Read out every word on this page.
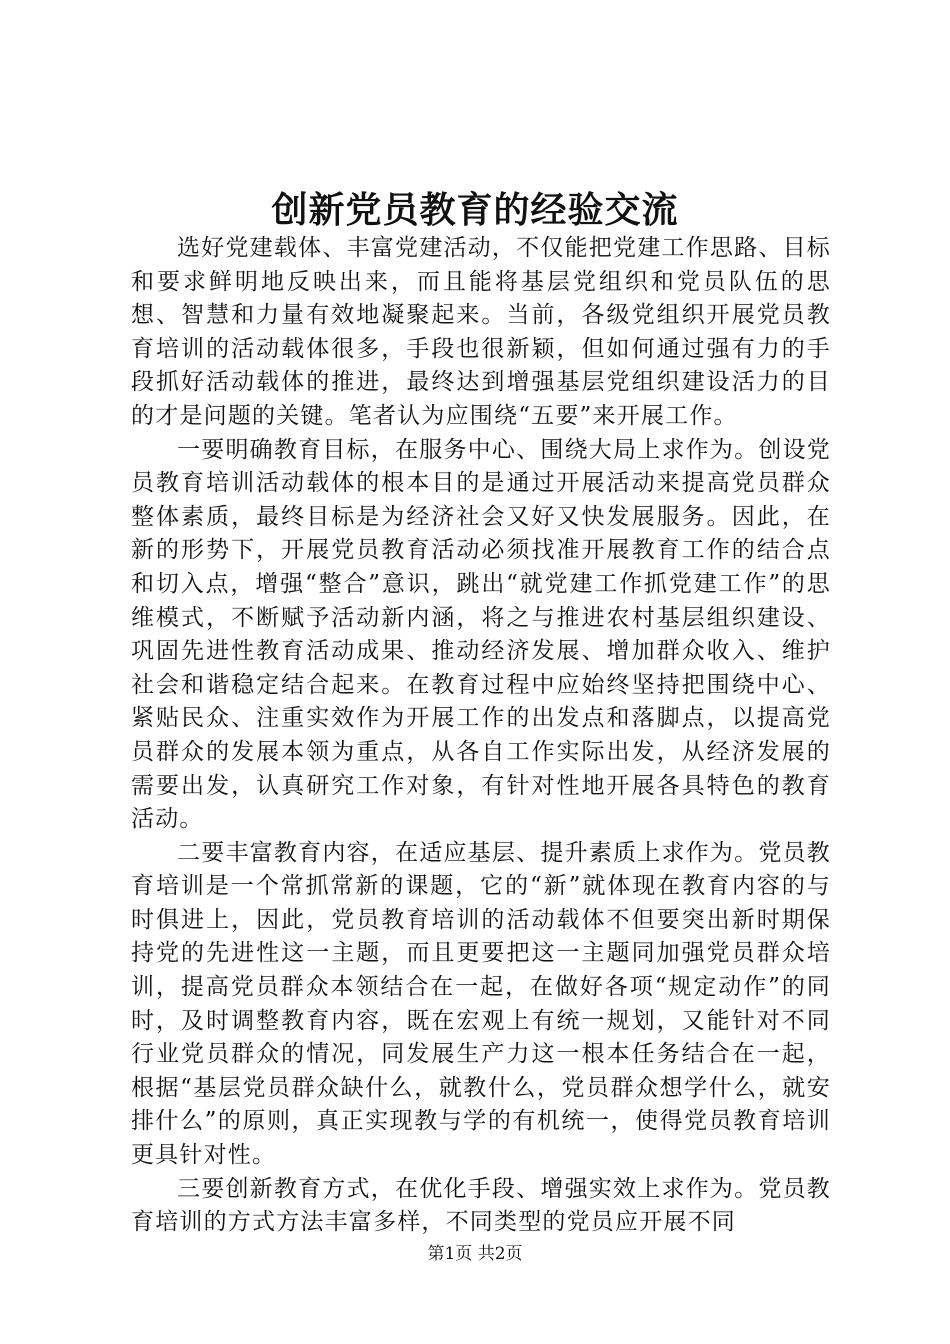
创新党员教育的经验交流

选好党建载体、丰富党建活动，不仅能把党建工作思路、目标和要求鲜明地反映出来，而且能将基层党组织和党员队伍的思想、智慧和力量有效地凝聚起来。当前，各级党组织开展党员教育培训的活动载体很多，手段也很新颖，但如何通过强有力的手段抓好活动载体的推进，最终达到增强基层党组织建设活力的目的才是问题的关键。笔者认为应围绕“五要”来开展工作。

一要明确教育目标，在服务中心、围绕大局上求作为。创设党员教育培训活动载体的根本目的是通过开展活动来提高党员群众整体素质，最终目标是为经济社会又好又快发展服务。因此，在新的形势下，开展党员教育活动必须找准开展教育工作的结合点和切入点，增强“整合”意识，跳出“就党建工作抓党建工作”的思维模式，不断赋予活动新内涵，将之与推进农村基层组织建设、巩固先进性教育活动成果、推动经济发展、增加群众收入、维护社会和谐稳定结合起来。在教育过程中应始终坚持把围绕中心、紧贴民众、注重实效作为开展工作的出发点和落脚点，以提高党员群众的发展本领为重点，从各自工作实际出发，从经济发展的需要出发，认真研究工作对象，有针对性地开展各具特色的教育活动。

二要丰富教育内容，在适应基层、提升素质上求作为。党员教育培训是一个常抓常新的课题，它的“新”就体现在教育内容的与时俱进上，因此，党员教育培训的活动载体不但要突出新时期保持党的先进性这一主题，而且更要把这一主题同加强党员群众培训，提高党员群众本领结合在一起，在做好各项“规定动作”的同时，及时调整教育内容，既在宏观上有统一规划，又能针对不同行业党员群众的情况，同发展生产力这一根本任务结合在一起，根据“基层党员群众缺什么，就教什么，党员群众想学什么，就安排什么”的原则，真正实现教与学的有机统一，使得党员教育培训更具针对性。

三要创新教育方式，在优化手段、增强实效上求作为。党员教育培训的方式方法丰富多样，不同类型的党员应开展不同

第1页 共2页
